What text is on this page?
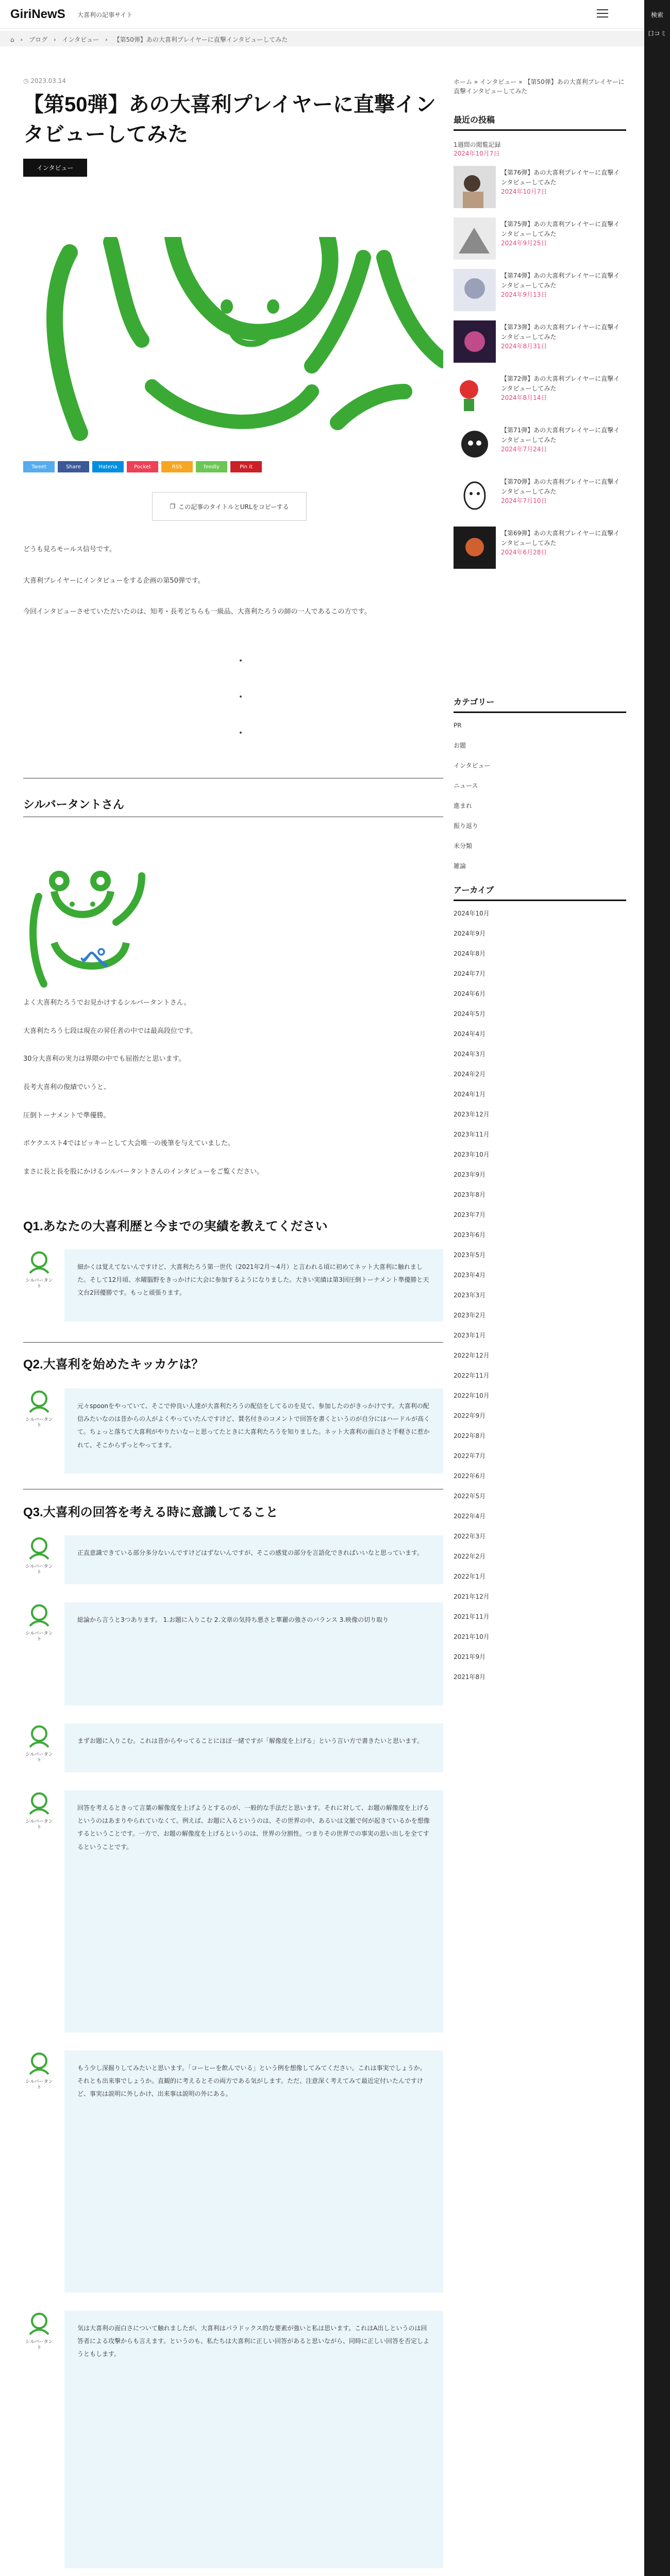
GiriNewS 大喜利の記事サイト	検索
口コミ
⌂ › ブログ › インタビュー › 【第50弾】あの大喜利プレイヤーに直撃インタビューしてみた
◷ 2023.03.14
【第50弾】あの大喜利プレイヤーに直撃インタビューしてみた
インタビュー
Tweet	Share	Hatena	Pocket	RSS	feedly	Pin it
❐ この記事のタイトルとURLをコピーする

どうも見ろモールス信号です。

大喜利プレイヤーにインタビューをする企画の第50弾です。

今回インタビューさせていただいたのは、知考・長考どちらも一級品、大喜利たろうの師の一人であるこの方です。

シルバータントさん
ぺ

よく大喜利たろうでお見かけするシルバータントさん。

大喜利たろう七段は現在の昇任者の中では最高段位です。

30分大喜利の実力は界隈の中でも屈指だと思います。

長考大喜利の俊績でいうと、

圧倒トーナメントで準優勝。

ボケクエスト4ではビッキーとして大会唯一の後筆を与えていました。

まさに長と長を股にかけるシルバータントさんのインタビューをご覧ください。

Q1.あなたの大喜利歴と今までの実績を教えてください
シルバータント
細かくは覚えてないんですけど、大喜利たろう第一世代（2021年2月〜4月）と言われる頃に初めてネット大喜利に触れました。そして12月頃、水曜腦野をきっかけに大会に参加するようになりました。大きい実績は第3回圧倒トーナメント準優勝と天文台2回優勝です。もっと頑張ります。
Q2.大喜利を始めたキッカケは？
シルバータント
元々spoonをやっていて、そこで仲良い人達が大喜利たろうの配信をしてるのを見て、参加したのがきっかけです。大喜利の配信みたいなのは昔からの人がよくやっていたんですけど、賛名付きのコメントで回答を書くというのが自分にはハードルが高くて。ちょっと落ちて大喜利がやりたいなーと思ってたときに大喜利たろうを知りました。ネット大喜利の面白さと手軽さに惹かれて、そこからずっとやってます。
Q3.大喜利の回答を考える時に意識してること
シルバータント
正直意識できている部分多分ないんですけどはずないんですが、そこの感覚の部分を言語化できればいいなと思っています。
シルバータント
総論から言うと3つあります。 1.お題に入りこむ 2.文章の気持ち悪さと華麗の強さのバランス 3.映像の切り取り
シルバータント
まずお題に入りこむ。これは昔からやってることにほぼ一緒ですが「解像度を上げる」という言い方で書きたいと思います。
シルバータント
回答を考えるときって言葉の解像度を上げようとするのが、一般的な手法だと思います。それに対して、お題の解像度を上げるというのはあまりやられていなくて。例えば、お題に入るというのは、その世界の中、あるいは文脈で何が起きているかを想像するということです。一方で、お題の解像度を上げるというのは、世界の分割性。つまりその世界での事実の思い出しを全てするということです。
シルバータント
もう少し深掘りしてみたいと思います。「コーヒーを飲んでいる」という例を想像してみてください。これは事実でしょうか。それとも出来事でしょうか。直観的に考えるとその両方である気がします。ただ、注意深く考えてみて最近定付いたんですけど、事実は説明に外しかけ、出来事は説明の外にある。
シルバータント
気は大喜利の面白さについて触れましたが、大喜利はパラドックス的な要素が強いと私は思います。これはA出しというのは回答者による攻撃からも言えます。というのも、私たちは大喜利に正しい回答があると思いながら、同時に正しい回答を否定しようともします。
ホーム » インタビュー » 【第50弾】あの大喜利プレイヤーに直撃インタビューしてみた
最近の投稿
1週間の閲覧記録
2024年10月7日
【第76弾】あの大喜利プレイヤーに直撃インタビューしてみた
2024年10月7日
【第75弾】あの大喜利プレイヤーに直撃インタビューしてみた
2024年9月25日
【第74弾】あの大喜利プレイヤーに直撃インタビューしてみた
2024年9月13日
【第73弾】あの大喜利プレイヤーに直撃インタビューしてみた
2024年8月31日
【第72弾】あの大喜利プレイヤーに直撃インタビューしてみた
2024年8月14日
【第71弾】あの大喜利プレイヤーに直撃インタビューしてみた
2024年7月24日
【第70弾】あの大喜利プレイヤーに直撃インタビューしてみた
2024年7月10日
【第69弾】あの大喜利プレイヤーに直撃インタビューしてみた
2024年6月28日
カテゴリー
PR
お題
インタビュー
ニュース
進まれ
振り返り
未分類
雑論
アーカイブ
2024年10月
2024年9月
2024年8月
2024年7月
2024年6月
2024年5月
2024年4月
2024年3月
2024年2月
2024年1月
2023年12月
2023年11月
2023年10月
2023年9月
2023年8月
2023年7月
2023年6月
2023年5月
2023年4月
2023年3月
2023年2月
2023年1月
2022年12月
2022年11月
2022年10月
2022年9月
2022年8月
2022年7月
2022年6月
2022年5月
2022年4月
2022年3月
2022年2月
2022年1月
2021年12月
2021年11月
2021年10月
2021年9月
2021年8月
